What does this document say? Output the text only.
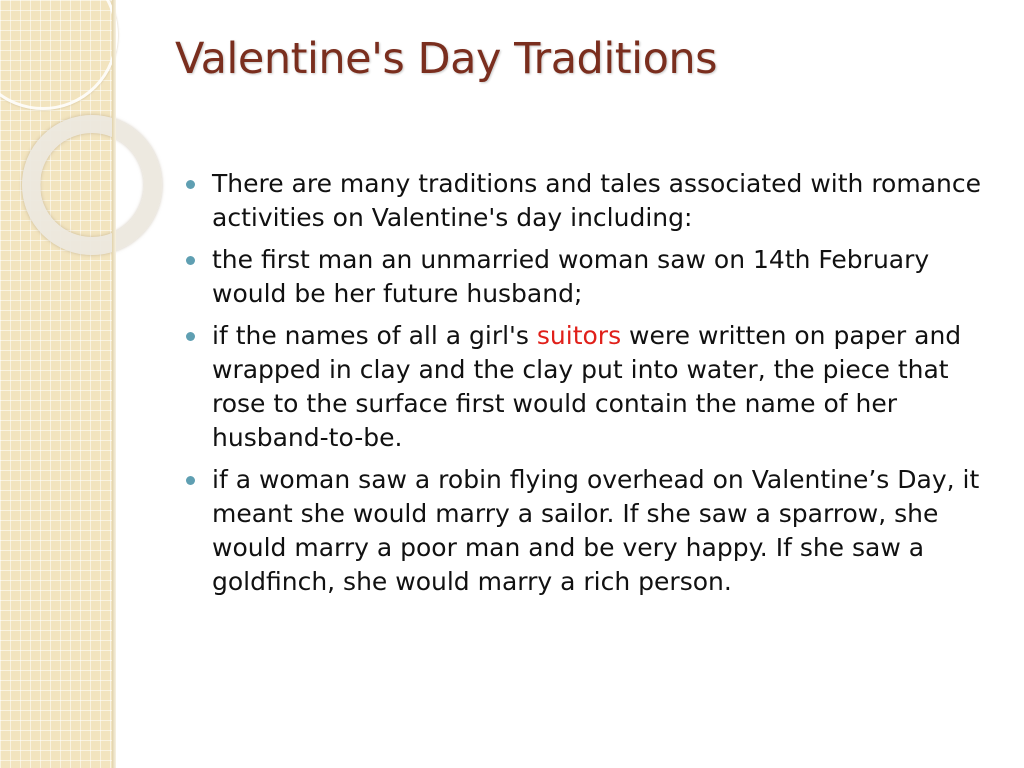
Valentine's Day Traditions
There are many traditions and tales associated with romance activities on Valentine's day including:
the first man an unmarried woman saw on 14th February would be her future husband;
if the names of all a girl's suitors were written on paper and wrapped in clay and the clay put into water, the piece that rose to the surface first would contain the name of her husband-to-be.
if a woman saw a robin flying overhead on Valentine’s Day, it meant she would marry a sailor. If she saw a sparrow, she would marry a poor man and be very happy. If she saw a goldfinch, she would marry a rich person.
